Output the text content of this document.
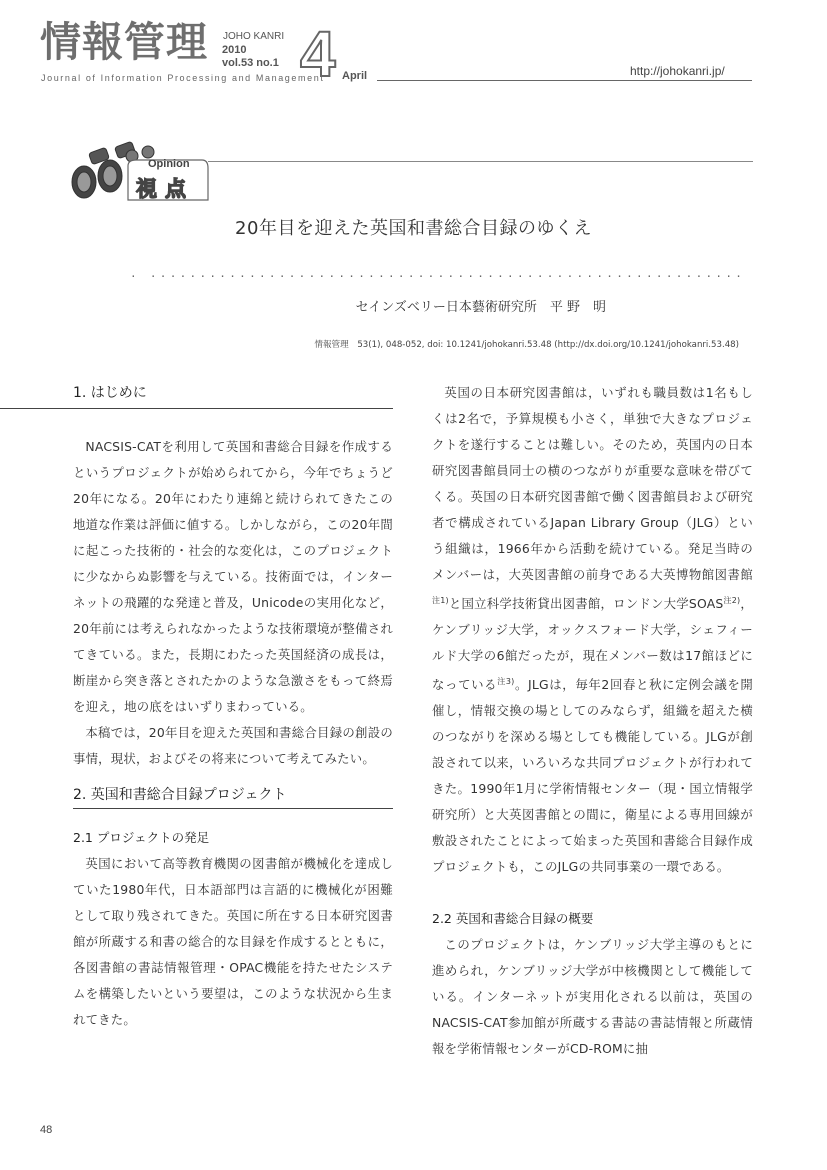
情報管理
Journal of Information Processing and Management
JOHO KANRI
2010
vol.53 no.1 4 April	http://johokanri.jp/
Opinion
視点
20年目を迎えた英国和書総合目録のゆくえ
· ····························································
セインズベリー日本藝術研究所　平 野　明
情報管理　53(1), 048-052, doi: 10.1241/johokanri.53.48 (http://dx.doi.org/10.1241/johokanri.53.48)
1. はじめに

NACSIS-CATを利用して英国和書総合目録を作成するというプロジェクトが始められてから，今年でちょうど20年になる。20年にわたり連綿と続けられてきたこの地道な作業は評価に値する。しかしながら，この20年間に起こった技術的・社会的な変化は，このプロジェクトに少なからぬ影響を与えている。技術面では，インターネットの飛躍的な発達と普及，Unicodeの実用化など，20年前には考えられなかったような技術環境が整備されてきている。また，長期にわたった英国経済の成長は，断崖から突き落とされたかのような急激さをもって終焉を迎え，地の底をはいずりまわっている。

本稿では，20年目を迎えた英国和書総合目録の創設の事情，現状，およびその将来について考えてみたい。

2. 英国和書総合目録プロジェクト
2.1 プロジェクトの発足

英国において高等教育機関の図書館が機械化を達成していた1980年代，日本語部門は言語的に機械化が困難として取り残されてきた。英国に所在する日本研究図書館が所蔵する和書の総合的な目録を作成するとともに，各図書館の書誌情報管理・OPAC機能を持たせたシステムを構築したいという要望は，このような状況から生まれてきた。

英国の日本研究図書館は，いずれも職員数は1名もしくは2名で，予算規模も小さく，単独で大きなプロジェクトを遂行することは難しい。そのため，英国内の日本研究図書館員同士の横のつながりが重要な意味を帯びてくる。英国の日本研究図書館で働く図書館員および研究者で構成されているJapan Library Group（JLG）という組織は，1966年から活動を続けている。発足当時のメンバーは，大英図書館の前身である大英博物館図書館$^{注1)}$と国立科学技術貸出図書館，ロンドン大学SOAS$^{注2)}$，ケンブリッジ大学，オックスフォード大学，シェフィールド大学の6館だったが，現在メンバー数は17館ほどになっている$^{注3)}$。JLGは，毎年2回春と秋に定例会議を開催し，情報交換の場としてのみならず，組織を超えた横のつながりを深める場としても機能している。JLGが創設されて以来，いろいろな共同プロジェクトが行われてきた。1990年1月に学術情報センター（現・国立情報学研究所）と大英図書館との間に，衛星による専用回線が敷設されたことによって始まった英国和書総合目録作成プロジェクトも，このJLGの共同事業の一環である。

2.2 英国和書総合目録の概要

このプロジェクトは，ケンブリッジ大学主導のもとに進められ，ケンブリッジ大学が中核機関として機能している。インターネットが実用化される以前は，英国のNACSIS-CAT参加館が所蔵する書誌の書誌情報と所蔵情報を学術情報センターがCD-ROMに抽

48
